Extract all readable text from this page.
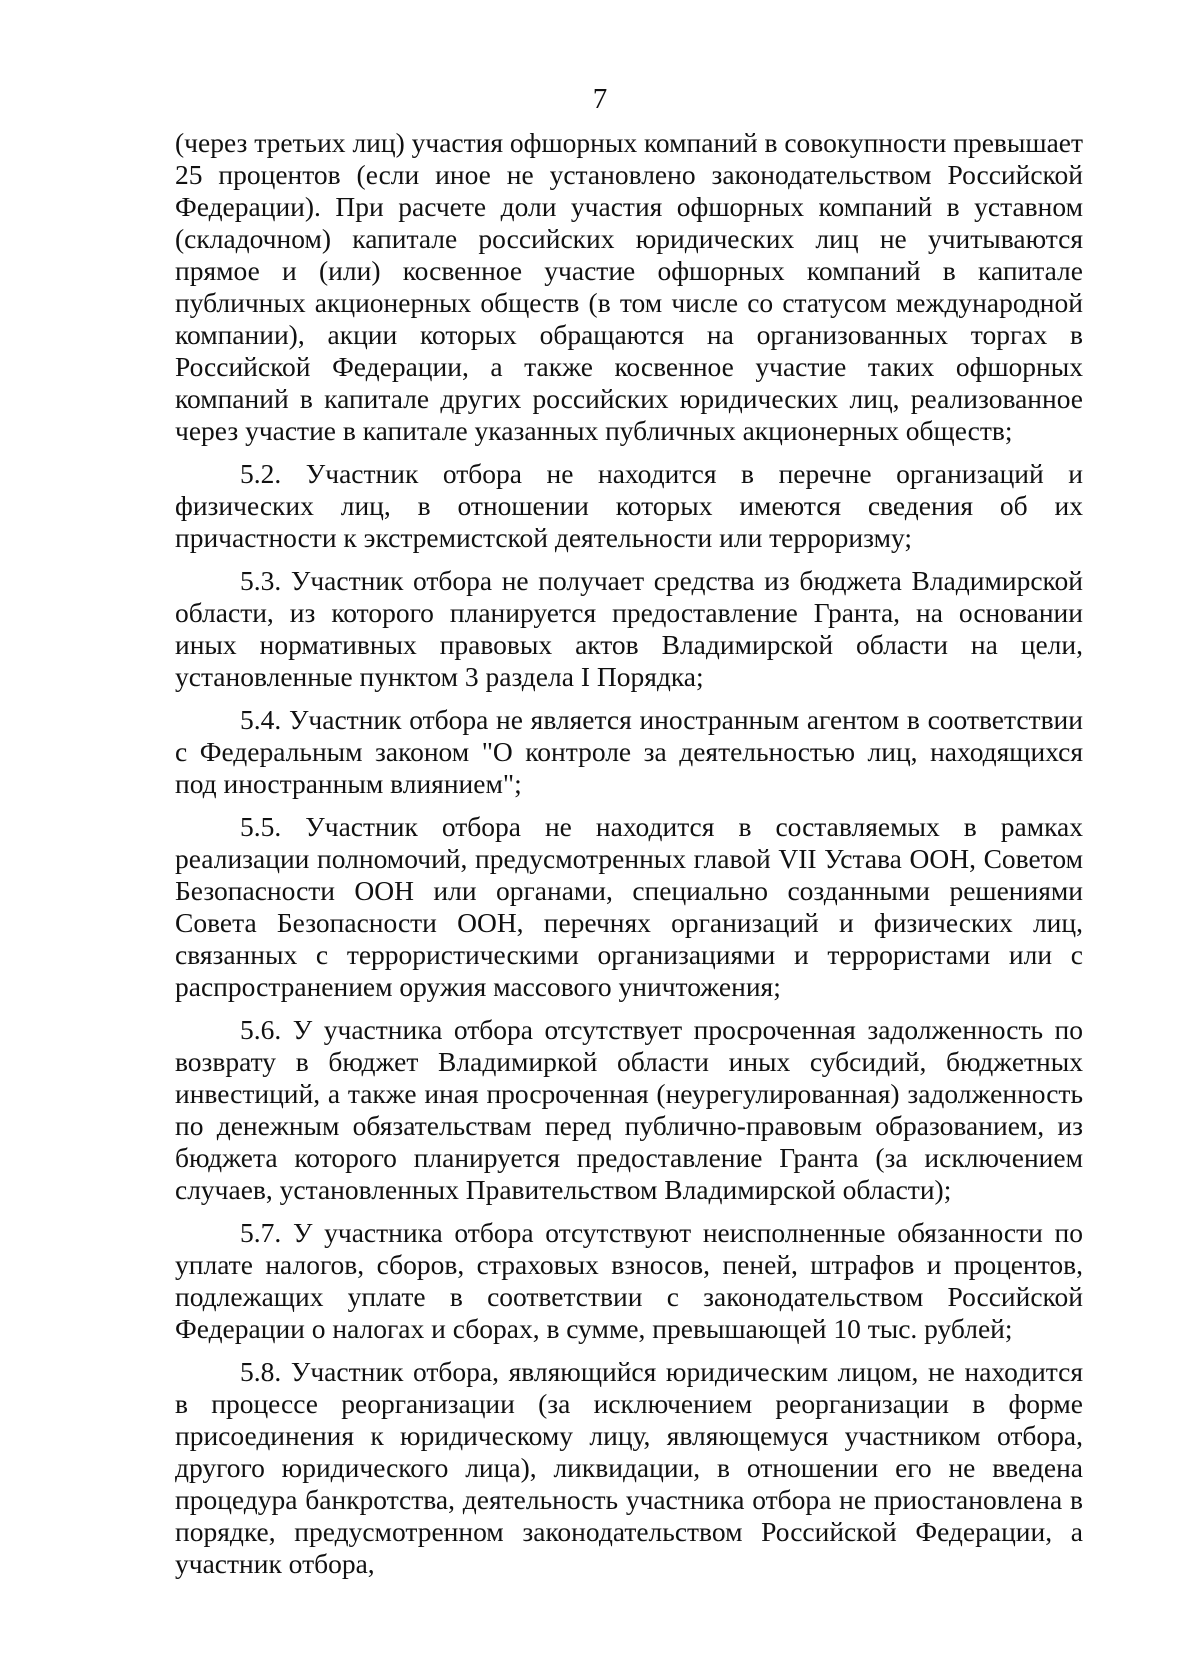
7

(через третьих лиц) участия офшорных компаний в совокупности превышает 25 процентов (если иное не установлено законодательством Российской Федерации). При расчете доли участия офшорных компаний в уставном (складочном) капитале российских юридических лиц не учитываются прямое и (или) косвенное участие офшорных компаний в капитале публичных акционерных обществ (в том числе со статусом международной компании), акции которых обращаются на организованных торгах в Российской Федерации, а также косвенное участие таких офшорных компаний в капитале других российских юридических лиц, реализованное через участие в капитале указанных публичных акционерных обществ;

5.2. Участник отбора не находится в перечне организаций и физических лиц, в отношении которых имеются сведения об их причастности к экстремистской деятельности или терроризму;

5.3. Участник отбора не получает средства из бюджета Владимирской области, из которого планируется предоставление Гранта, на основании иных нормативных правовых актов Владимирской области на цели, установленные пунктом 3 раздела I Порядка;

5.4. Участник отбора не является иностранным агентом в соответствии с Федеральным законом "О контроле за деятельностью лиц, находящихся под иностранным влиянием";

5.5. Участник отбора не находится в составляемых в рамках реализации полномочий, предусмотренных главой VII Устава ООН, Советом Безопасности ООН или органами, специально созданными решениями Совета Безопасности ООН, перечнях организаций и физических лиц, связанных с террористическими организациями и террористами или с распространением оружия массового уничтожения;

5.6. У участника отбора отсутствует просроченная задолженность по возврату в бюджет Владимиркой области иных субсидий, бюджетных инвестиций, а также иная просроченная (неурегулированная) задолженность по денежным обязательствам перед публично-правовым образованием, из бюджета которого планируется предоставление Гранта (за исключением случаев, установленных Правительством Владимирской области);

5.7. У участника отбора отсутствуют неисполненные обязанности по уплате налогов, сборов, страховых взносов, пеней, штрафов и процентов, подлежащих уплате в соответствии с законодательством Российской Федерации о налогах и сборах, в сумме, превышающей 10 тыс. рублей;

5.8. Участник отбора, являющийся юридическим лицом, не находится в процессе реорганизации (за исключением реорганизации в форме присоединения к юридическому лицу, являющемуся участником отбора, другого юридического лица), ликвидации, в отношении его не введена процедура банкротства, деятельность участника отбора не приостановлена в порядке, предусмотренном законодательством Российской Федерации, а участник отбора,
